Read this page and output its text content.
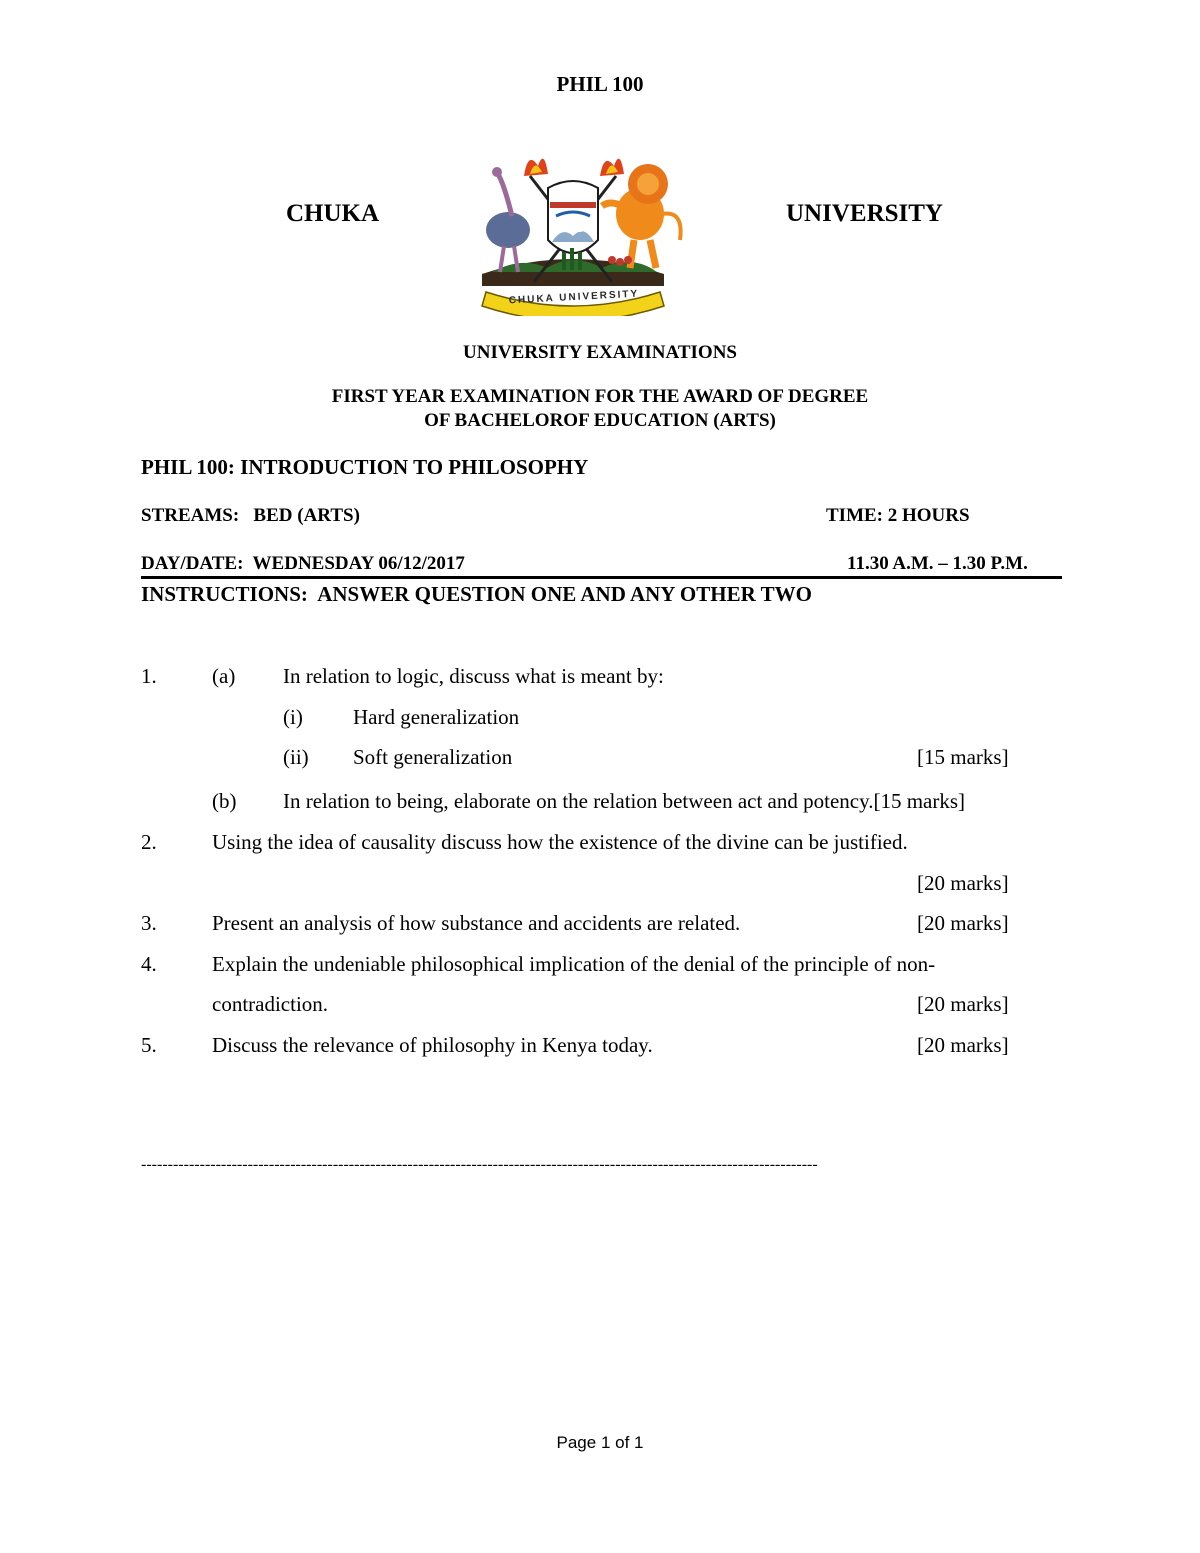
PHIL 100
CHUKA	UNIVERSITY
CHUKA UNIVERSITY
UNIVERSITY EXAMINATIONS
FIRST YEAR EXAMINATION FOR THE AWARD OF DEGREE
OF BACHELOROF EDUCATION (ARTS)
PHIL 100: INTRODUCTION TO PHILOSOPHY
STREAMS:   BED (ARTS)	TIME: 2 HOURS
DAY/DATE:  WEDNESDAY 06/12/2017	11.30 A.M. – 1.30 P.M.
INSTRUCTIONS:  ANSWER QUESTION ONE AND ANY OTHER TWO
1.	(a) In relation to logic, discuss what is meant by:
(i) Hard generalization
(ii) Soft generalization	[15 marks]
(b) In relation to being, elaborate on the relation between act and potency.[15 marks]
2.	Using the idea of causality discuss how the existence of the divine can be justified.
[20 marks]
3.	Present an analysis of how substance and accidents are related.	[20 marks]
4.	Explain the undeniable philosophical implication of the denial of the principle of non-
contradiction.	[20 marks]
5.	Discuss the relevance of philosophy in Kenya today.	[20 marks]
-------------------------------------------------------------------------------------------------------------------------------
Page 1 of 1
